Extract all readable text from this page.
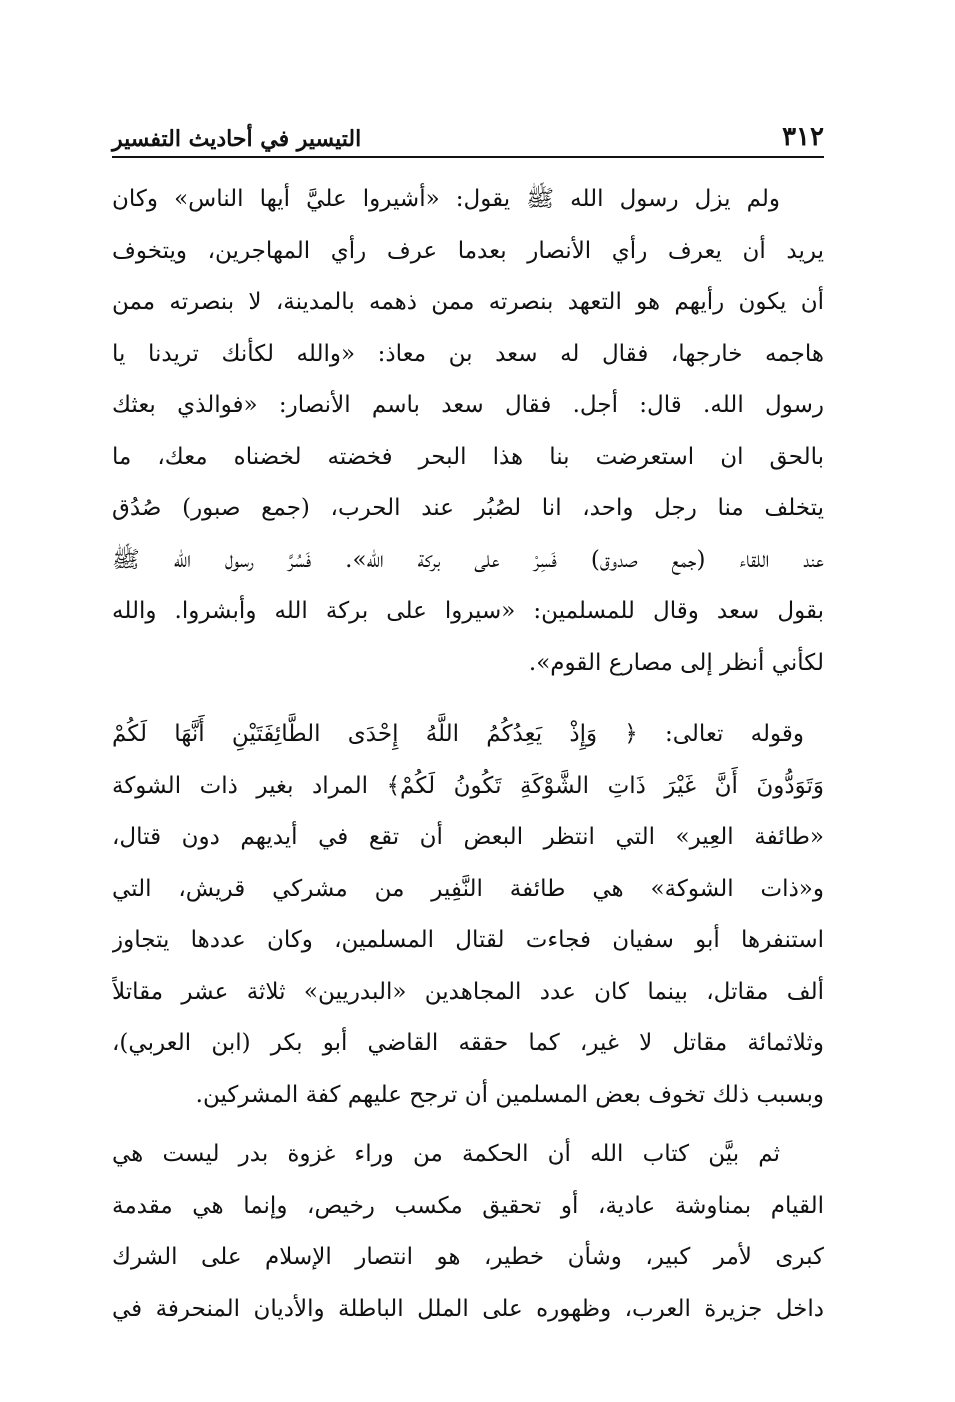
٣١٢
التيسير في أحاديث التفسير
ولم يزل رسول الله ﷺ يقول: «أشيروا عليَّ أيها الناس» وكان
يريد أن يعرف رأي الأنصار بعدما عرف رأي المهاجرين، ويتخوف
أن يكون رأيهم هو التعهد بنصرته ممن ذهمه بالمدينة، لا بنصرته ممن
هاجمه خارجها، فقال له سعد بن معاذ: «والله لكأنك تريدنا يا
رسول الله. قال: أجل. فقال سعد باسم الأنصار: «فوالذي بعثك
بالحق ان استعرضت بنا هذا البحر فخضته لخضناه معك، ما
يتخلف منا رجل واحد، انا لصُبُر عند الحرب، (جمع صبور) صُدُق
عند اللقاء (جمع صدوق) فَسِرْ على بركة الله». فَسُرَّ رسول الله ﷺ
بقول سعد وقال للمسلمين: «سيروا على بركة الله وأبشروا. والله
لكأني أنظر إلى مصارع القوم».
وقوله تعالى: ﴿ وَإِذْ يَعِدُكُمُ اللَّهُ إِحْدَى الطَّائِفَتَيْنِ أَنَّهَا لَكُمْ
وَتَوَدُّونَ أَنَّ غَيْرَ ذَاتِ الشَّوْكَةِ تَكُونُ لَكُمْ﴾ المراد بغير ذات الشوكة
«طائفة العِير» التي انتظر البعض أن تقع في أيديهم دون قتال،
و«ذات الشوكة» هي طائفة النَّفِير من مشركي قريش، التي
استنفرها أبو سفيان فجاءت لقتال المسلمين، وكان عددها يتجاوز
ألف مقاتل، بينما كان عدد المجاهدين «البدريين» ثلاثة عشر مقاتلاً
وثلاثمائة مقاتل لا غير، كما حققه القاضي أبو بكر (ابن العربي)،
وبسبب ذلك تخوف بعض المسلمين أن ترجح عليهم كفة المشركين.
ثم بيَّن كتاب الله أن الحكمة من وراء غزوة بدر ليست هي
القيام بمناوشة عادية، أو تحقيق مكسب رخيص، وإنما هي مقدمة
كبرى لأمر كبير، وشأن خطير، هو انتصار الإسلام على الشرك
داخل جزيرة العرب، وظهوره على الملل الباطلة والأديان المنحرفة في
